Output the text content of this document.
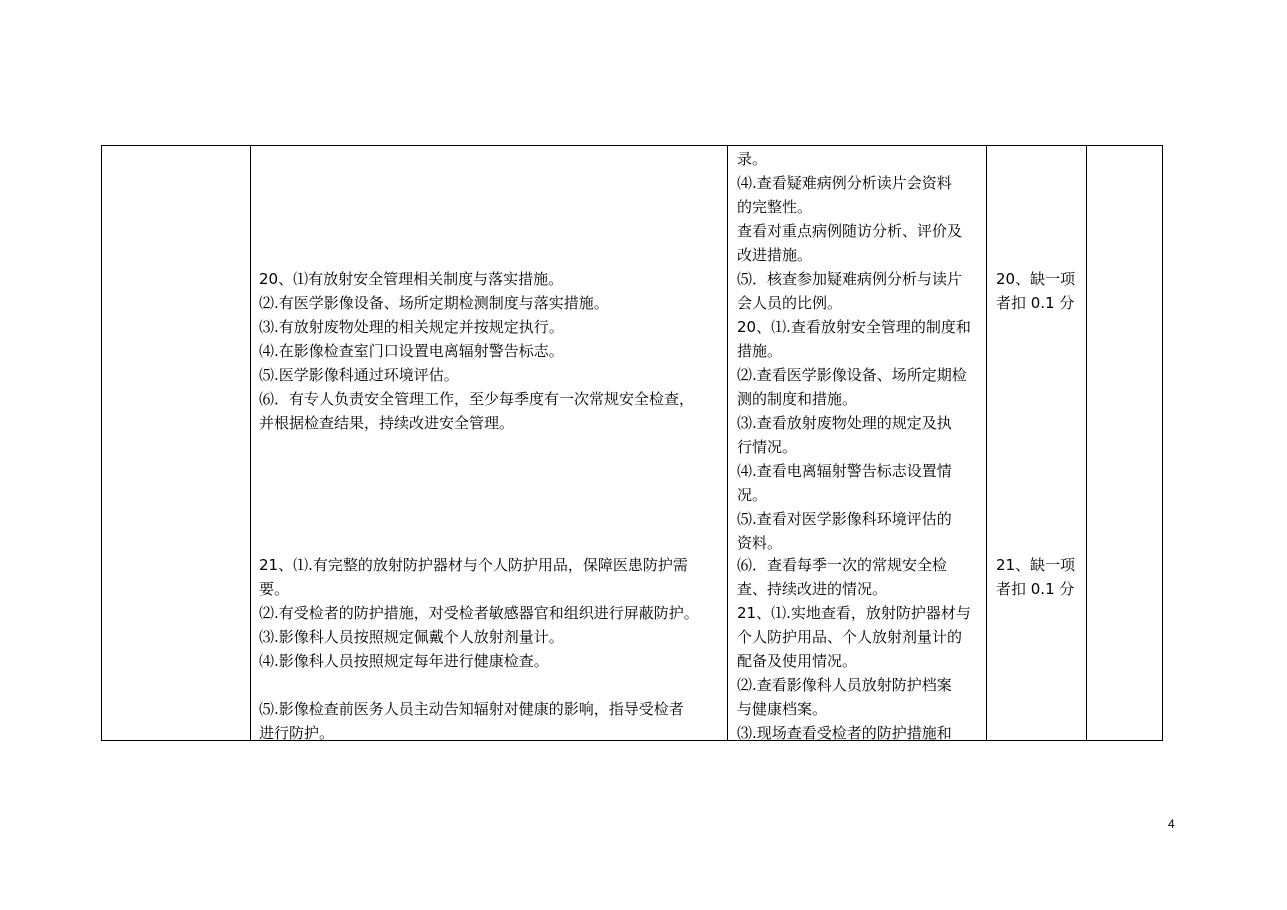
20、⑴有放射安全管理相关制度与落实措施。
⑵.有医学影像设备、场所定期检测制度与落实措施。
⑶.有放射废物处理的相关规定并按规定执行。
⑷.在影像检查室门口设置电离辐射警告标志。
⑸.医学影像科通过环境评估。
⑹．有专人负责安全管理工作，至少每季度有一次常规安全检查，
并根据检查结果，持续改进安全管理。
21、⑴.有完整的放射防护器材与个人防护用品，保障医患防护需
要。
⑵.有受检者的防护措施，对受检者敏感器官和组织进行屏蔽防护。
⑶.影像科人员按照规定佩戴个人放射剂量计。
⑷.影像科人员按照规定每年进行健康检查。
⑸.影像检查前医务人员主动告知辐射对健康的影响，指导受检者
进行防护。
录。
⑷.查看疑难病例分析读片会资料
的完整性。
查看对重点病例随访分析、评价及
改进措施。
⑸．核查参加疑难病例分析与读片
会人员的比例。
20、⑴.查看放射安全管理的制度和
措施。
⑵.查看医学影像设备、场所定期检
测的制度和措施。
⑶.查看放射废物处理的规定及执
行情况。
⑷.查看电离辐射警告标志设置情
况。
⑸.查看对医学影像科环境评估的
资料。
⑹．查看每季一次的常规安全检
查、持续改进的情况。
21、⑴.实地查看，放射防护器材与
个人防护用品、个人放射剂量计的
配备及使用情况。
⑵.查看影像科人员放射防护档案
与健康档案。
⑶.现场查看受检者的防护措施和
20、缺一项
者扣 0.1 分
21、缺一项
者扣 0.1 分
4
